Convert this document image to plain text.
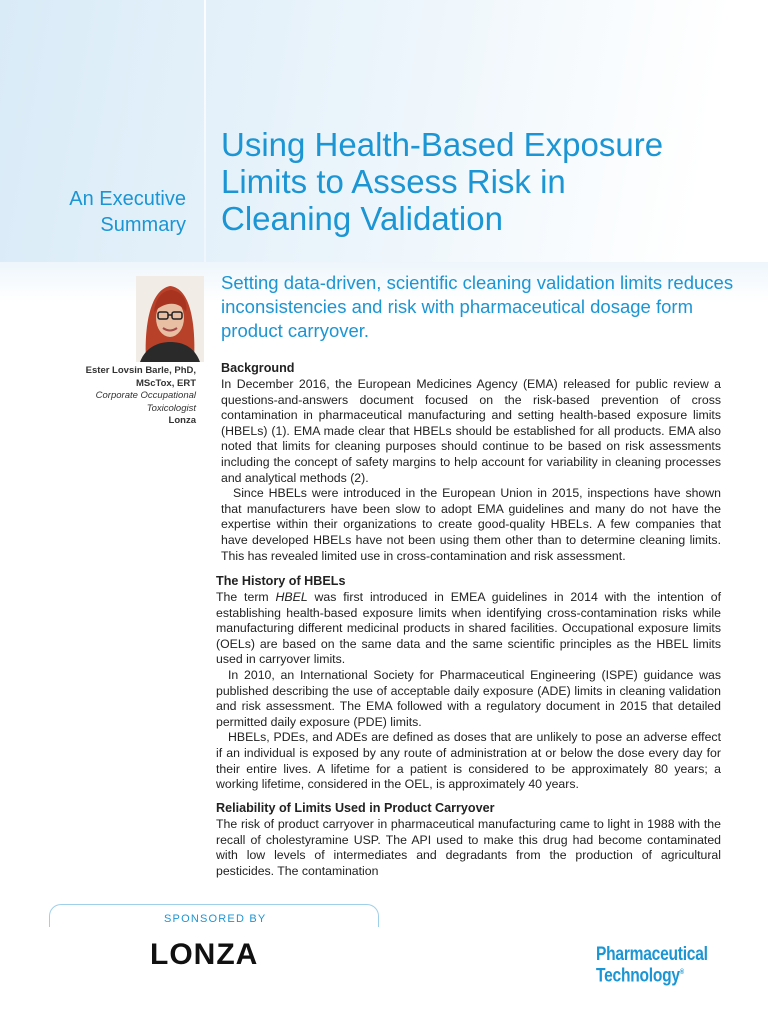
An Executive
Summary
Using Health-Based Exposure
Limits to Assess Risk in
Cleaning Validation
Setting data-driven, scientific cleaning validation limits reduces inconsistencies and risk with pharmaceutical dosage form product carryover.
Ester Lovsin Barle, PhD,
MScTox, ERT
Corporate Occupational
Toxicologist
Lonza
Background

In December 2016, the European Medicines Agency (EMA) released for public review a questions-and-answers document focused on the risk-based prevention of cross contamination in pharmaceutical manufacturing and setting health-based exposure limits (HBELs) (1). EMA made clear that HBELs should be established for all products. EMA also noted that limits for cleaning purposes should continue to be based on risk assessments including the concept of safety margins to help account for variability in cleaning processes and analytical methods (2).

Since HBELs were introduced in the European Union in 2015, inspections have shown that manufacturers have been slow to adopt EMA guidelines and many do not have the expertise within their organizations to create good-quality HBELs. A few companies that have developed HBELs have not been using them other than to determine cleaning limits. This has revealed limited use in cross-contamination and risk assessment.

The History of HBELs

The term HBEL was first introduced in EMEA guidelines in 2014 with the intention of establishing health-based exposure limits when identifying cross-contamination risks while manufacturing different medicinal products in shared facilities. Occupational exposure limits (OELs) are based on the same data and the same scientific principles as the HBEL limits used in carryover limits.

In 2010, an International Society for Pharmaceutical Engineering (ISPE) guidance was published describing the use of acceptable daily exposure (ADE) limits in cleaning validation and risk assessment. The EMA followed with a regulatory document in 2015 that detailed permitted daily exposure (PDE) limits.

HBELs, PDEs, and ADEs are defined as doses that are unlikely to pose an adverse effect if an individual is exposed by any route of administration at or below the dose every day for their entire lives. A lifetime for a patient is considered to be approximately 80 years; a working lifetime, considered in the OEL, is approximately 40 years.

Reliability of Limits Used in Product Carryover

The risk of product carryover in pharmaceutical manufacturing came to light in 1988 with the recall of cholestyramine USP. The API used to make this drug had become contaminated with low levels of intermediates and degradants from the production of agricultural pesticides. The contamination

SPONSORED BY
LONZA	Pharmaceutical
Technology®
